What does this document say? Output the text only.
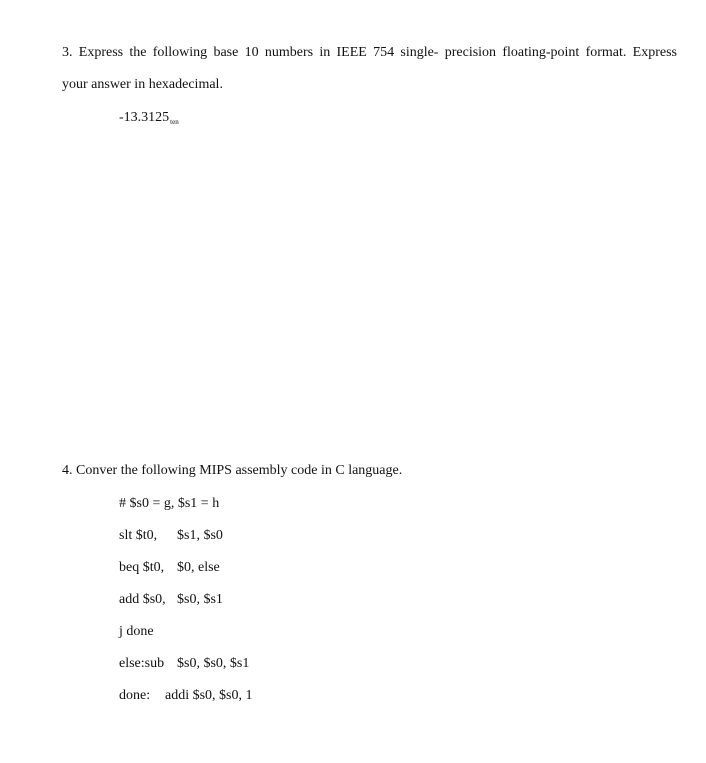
3. Express the following base 10 numbers in IEEE 754 single- precision floating-point format. Express
your answer in hexadecimal.
$-13.3125_{ten}$
4. Conver the following MIPS assembly code in C language.
# $s0 = g, $s1 = h
slt $t0, $s1, $s0
beq $t0, $0, else
add $s0, $s0, $s1
j done
else:sub $s0, $s0, $s1
done: addi $s0, $s0, 1
